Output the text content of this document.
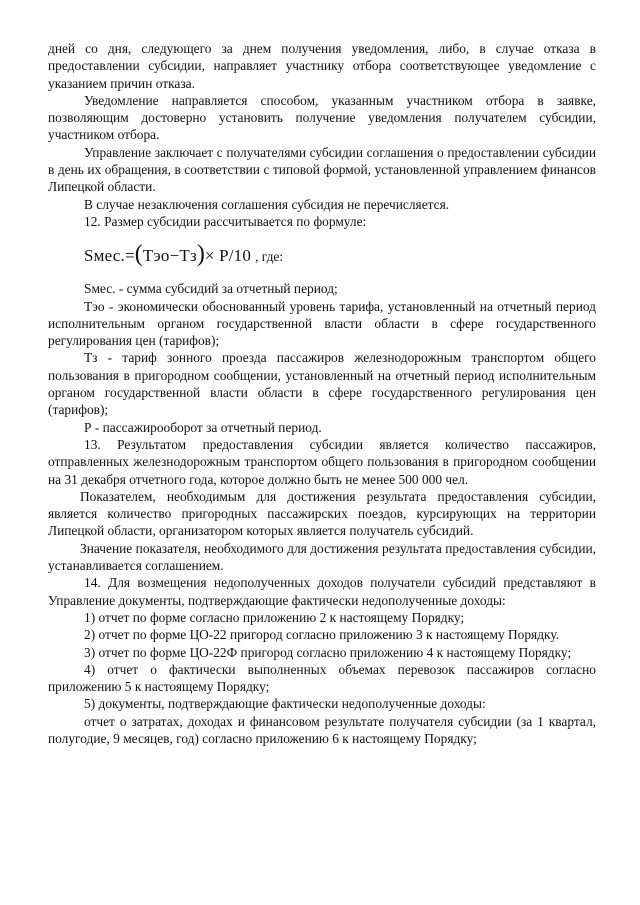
дней со дня, следующего за днем получения уведомления, либо, в случае отказа в предоставлении субсидии, направляет участнику отбора соответствующее уведомление с указанием причин отказа.

Уведомление направляется способом, указанным участником отбора в заявке, позволяющим достоверно установить получение уведомления получателем субсидии, участником отбора.

Управление заключает с получателями субсидии соглашения о предоставлении субсидии в день их обращения, в соответствии с типовой формой, установленной управлением финансов Липецкой области.

В случае незаключения соглашения субсидия не перечисляется.

12. Размер субсидии рассчитывается по формуле:

Sмес. = ( Тэо − Тз ) × P/10 , где:

Sмес. - сумма субсидий за отчетный период;

Тэо - экономически обоснованный уровень тарифа, установленный на отчетный период исполнительным органом государственной власти области в сфере государственного регулирования цен (тарифов);

Тз - тариф зонного проезда пассажиров железнодорожным транспортом общего пользования в пригородном сообщении, установленный на отчетный период исполнительным органом государственной власти области в сфере государственного регулирования цен (тарифов);

Р - пассажирооборот за отчетный период.

13. Результатом предоставления субсидии является количество пассажиров, отправленных железнодорожным транспортом общего пользования в пригородном сообщении на 31 декабря отчетного года, которое должно быть не менее 500 000 чел.

Показателем, необходимым для достижения результата предоставления субсидии, является количество пригородных пассажирских поездов, курсирующих на территории Липецкой области, организатором которых является получатель субсидий.

Значение показателя, необходимого для достижения результата предоставления субсидии, устанавливается соглашением.

14. Для возмещения недополученных доходов получатели субсидий представляют в Управление документы, подтверждающие фактически недополученные доходы:

1) отчет по форме согласно приложению 2 к настоящему Порядку;

2) отчет по форме ЦО-22 пригород согласно приложению 3 к настоящему Порядку.

3) отчет по форме ЦО-22Ф пригород согласно приложению 4 к настоящему Порядку;

4) отчет о фактически выполненных объемах перевозок пассажиров согласно приложению 5 к настоящему Порядку;

5) документы, подтверждающие фактически недополученные доходы:

отчет о затратах, доходах и финансовом результате получателя субсидии (за 1 квартал, полугодие, 9 месяцев, год) согласно приложению 6 к настоящему Порядку;
